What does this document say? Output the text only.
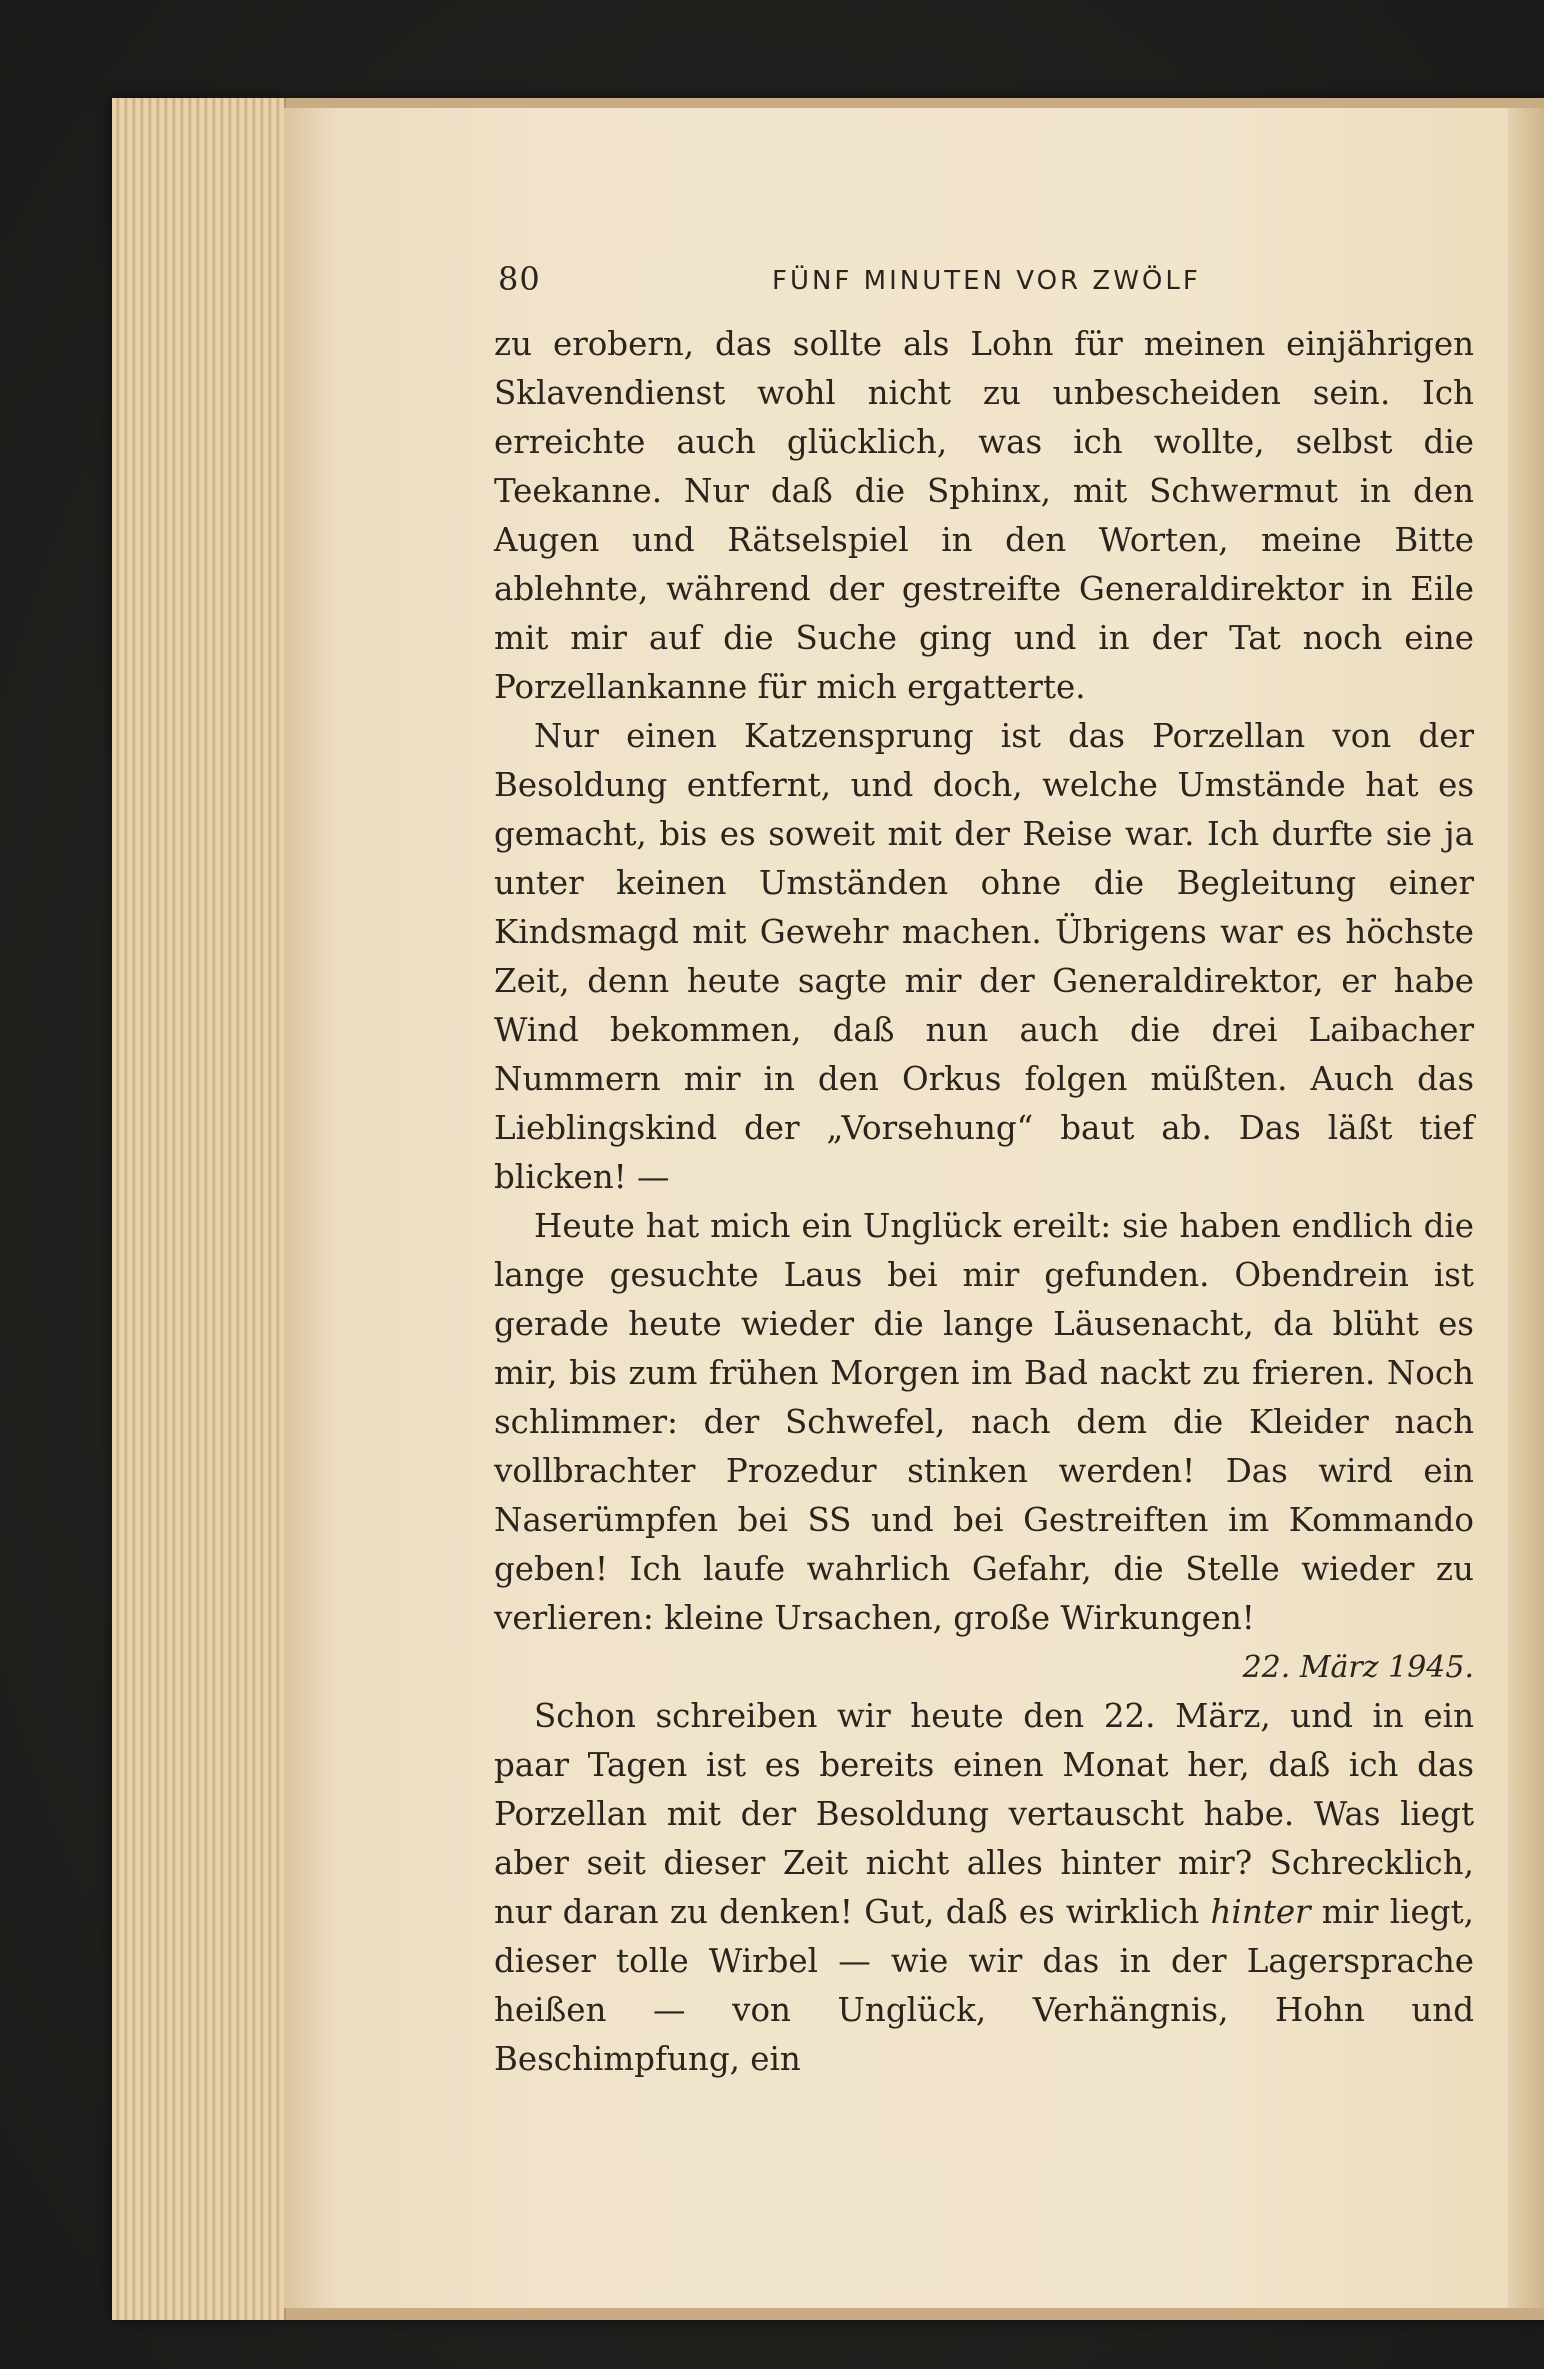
80	FÜNF MINUTEN VOR ZWÖLF

zu erobern, das sollte als Lohn für meinen einjährigen Sklavendienst wohl nicht zu unbescheiden sein. Ich erreichte auch glücklich, was ich wollte, selbst die Teekanne. Nur daß die Sphinx, mit Schwermut in den Augen und Rätselspiel in den Worten, meine Bitte ablehnte, während der gestreifte Generaldirektor in Eile mit mir auf die Suche ging und in der Tat noch eine Porzellankanne für mich ergatterte.

Nur einen Katzensprung ist das Porzellan von der Besoldung entfernt, und doch, welche Umstände hat es gemacht, bis es soweit mit der Reise war. Ich durfte sie ja unter keinen Umständen ohne die Begleitung einer Kindsmagd mit Gewehr machen. Übrigens war es höchste Zeit, denn heute sagte mir der Generaldirektor, er habe Wind bekommen, daß nun auch die drei Laibacher Nummern mir in den Orkus folgen müßten. Auch das Lieblingskind der „Vorsehung“ baut ab. Das läßt tief blicken! —

Heute hat mich ein Unglück ereilt: sie haben endlich die lange gesuchte Laus bei mir gefunden. Obendrein ist gerade heute wieder die lange Läusenacht, da blüht es mir, bis zum frühen Morgen im Bad nackt zu frieren. Noch schlimmer: der Schwefel, nach dem die Kleider nach vollbrachter Prozedur stinken werden! Das wird ein Naserümpfen bei SS und bei Gestreiften im Kommando geben! Ich laufe wahrlich Gefahr, die Stelle wieder zu verlieren: kleine Ursachen, große Wirkungen!

22. März 1945.

Schon schreiben wir heute den 22. März, und in ein paar Tagen ist es bereits einen Monat her, daß ich das Porzellan mit der Besoldung vertauscht habe. Was liegt aber seit dieser Zeit nicht alles hinter mir? Schrecklich, nur daran zu denken! Gut, daß es wirklich hinter mir liegt, dieser tolle Wirbel — wie wir das in der Lagersprache heißen — von Unglück, Verhängnis, Hohn und Beschimpfung, ein
